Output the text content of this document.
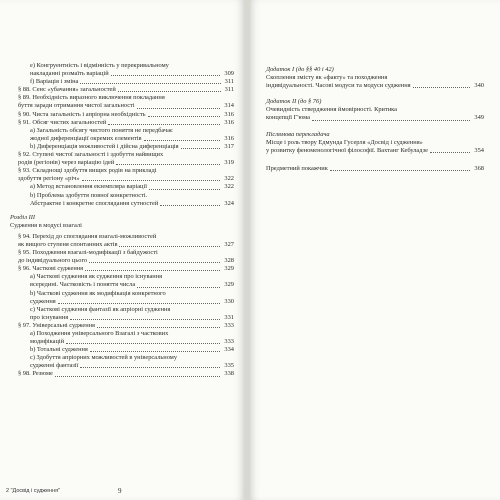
e) Конгруентність і відмінність у перекривальному
накладанні розмаїть варіацій	309
f) Варіація і зміна	311
§ 88. Сенс «убачання» загальностей	311
§ 89. Необхідність виразного виключення покладання
буття заради отримання чистої загальності	314
§ 90. Чиста загальність і апріорна необхідність	316
§ 91. Обсяг чистих загальностей	316
a) Загальність обсягу чистого поняття не передбачає
жодної диференціації окремих елементів	316
b) Диференціація можливостей і дійсна диференціація	317
§ 92. Ступені чистої загальності і здобуття найвищих
родів (регіонів) через варіацію ідей	319
§ 93. Складнощі здобуття вищих родів на прикладі
здобуття регіону «річ»	322
a) Метод встановлення екземпляра варіації	322
b) Проблема здобуття повної конкретності.
Абстрактне і конкретне споглядання сутностей	324
Розділ III
Судження в модусі взагалі
§ 94. Перехід до споглядання взагалі-можливостей
як вищого ступеня спонтанних актів	327
§ 95. Походження взагалі-модифікації з байдужості
до індивідуального цього	328
§ 96. Часткові судження	329
a) Часткові судження як судження про існування
всередині. Частковість і поняття числа	329
b) Часткові судження як модифікація конкретного
судження	330
c) Часткові судження фантазії як апріорні судження
про існування	331
§ 97. Універсальні судження	333
a) Походження універсального Взагалі з часткових
модифікацій	333
b) Тотальні судження	334
c) Здобуття апріорних можливостей в універсальному
судженні фантазії	335
§ 98. Резюме	338
9
2 "Досвід і судження"
Додаток I (до §§ 40 і 42)
Скоплення змісту як «факту» та походження
індивідуальності. Часові модуси та модуси судження	340
Додаток II (до § 76)
Очевидність ствердження ймовірності. Критика
концепції Г'юма	349
Післямова перекладача
Місце і роль твору Едмунда Гусерля «Досвід і судження»
у розвитку феноменологічної філософії. Вахтанг Кебуладзе	354
Предметний покажчик	368
